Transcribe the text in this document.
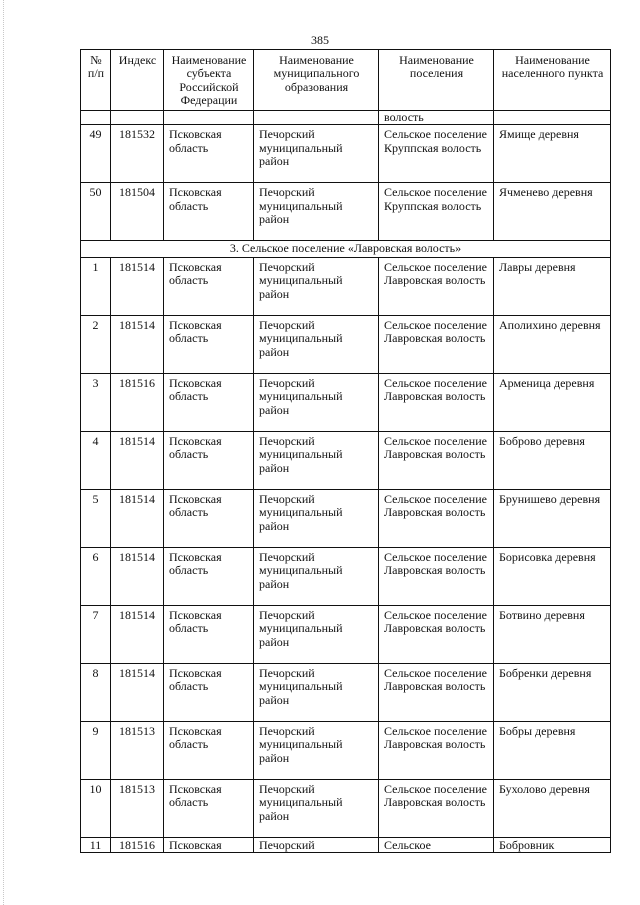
385
№ п/п	Индекс	Наименование субъекта Российской Федерации	Наименование муниципального образования	Наименование поселения	Наименование населенного пункта
				волость	
49	181532	Псковская область	Печорский муниципальный район	Сельское поселение Круппская волость	Ямище деревня
50	181504	Псковская область	Печорский муниципальный район	Сельское поселение Круппская волость	Ячменево деревня
3. Сельское поселение «Лавровская волость»					
1	181514	Псковская область	Печорский муниципальный район	Сельское поселение Лавровская волость	Лавры деревня
2	181514	Псковская область	Печорский муниципальный район	Сельское поселение Лавровская волость	Аполихино деревня
3	181516	Псковская область	Печорский муниципальный район	Сельское поселение Лавровская волость	Арменица деревня
4	181514	Псковская область	Печорский муниципальный район	Сельское поселение Лавровская волость	Боброво деревня
5	181514	Псковская область	Печорский муниципальный район	Сельское поселение Лавровская волость	Брунишево деревня
6	181514	Псковская область	Печорский муниципальный район	Сельское поселение Лавровская волость	Борисовка деревня
7	181514	Псковская область	Печорский муниципальный район	Сельское поселение Лавровская волость	Ботвино деревня
8	181514	Псковская область	Печорский муниципальный район	Сельское поселение Лавровская волость	Бобренки деревня
9	181513	Псковская область	Печорский муниципальный район	Сельское поселение Лавровская волость	Бобры деревня
10	181513	Псковская область	Печорский муниципальный район	Сельское поселение Лавровская волость	Бухолово деревня
11	181516	Псковская	Печорский	Сельское	Бобровник
